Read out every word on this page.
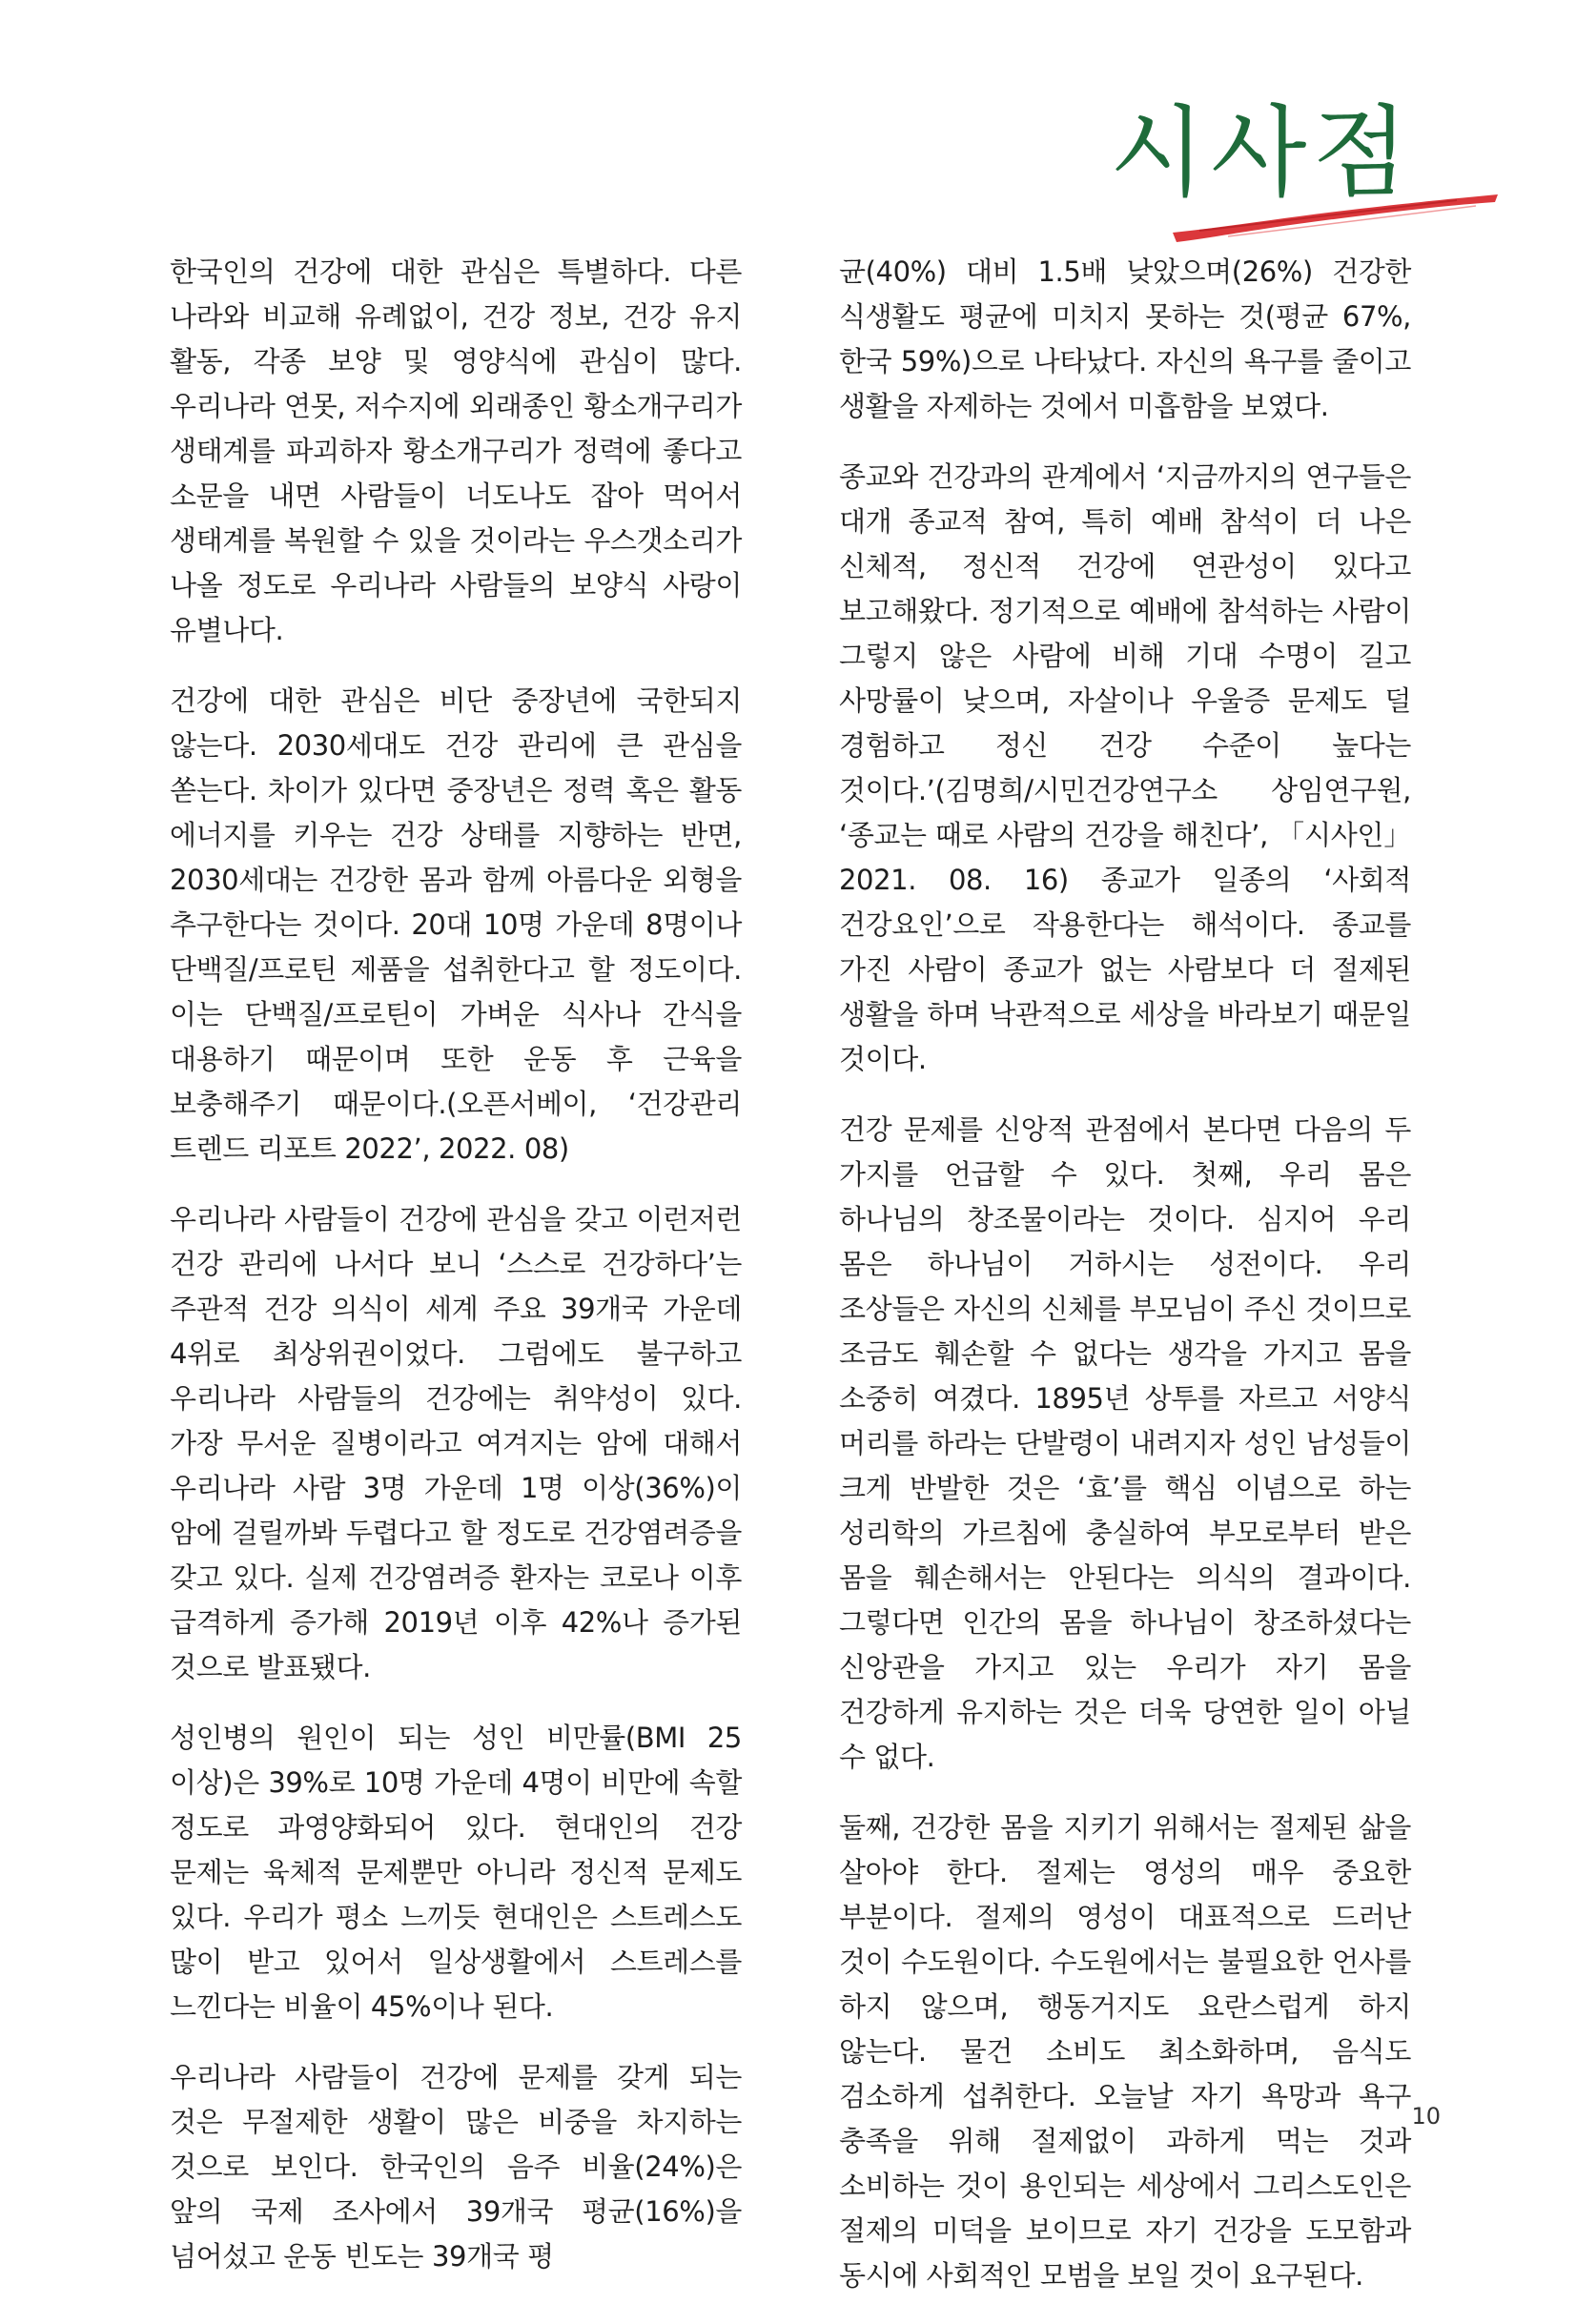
시사점

한국인의 건강에 대한 관심은 특별하다. 다른 나라와 비교해 유례없이, 건강 정보, 건강 유지 활동, 각종 보양 및 영양식에 관심이 많다. 우리나라 연못, 저수지에 외래종인 황소개구리가 생태계를 파괴하자 황소개구리가 정력에 좋다고 소문을 내면 사람들이 너도나도 잡아 먹어서 생태계를 복원할 수 있을 것이라는 우스갯소리가 나올 정도로 우리나라 사람들의 보양식 사랑이 유별나다.

건강에 대한 관심은 비단 중장년에 국한되지 않는다. 2030세대도 건강 관리에 큰 관심을 쏟는다. 차이가 있다면 중장년은 정력 혹은 활동 에너지를 키우는 건강 상태를 지향하는 반면, 2030세대는 건강한 몸과 함께 아름다운 외형을 추구한다는 것이다. 20대 10명 가운데 8명이나 단백질/프로틴 제품을 섭취한다고 할 정도이다. 이는 단백질/프로틴이 가벼운 식사나 간식을 대용하기 때문이며 또한 운동 후 근육을 보충해주기 때문이다.(오픈서베이, ‘건강관리 트렌드 리포트 2022’, 2022. 08)

우리나라 사람들이 건강에 관심을 갖고 이런저런 건강 관리에 나서다 보니 ‘스스로 건강하다’는 주관적 건강 의식이 세계 주요 39개국 가운데 4위로 최상위권이었다. 그럼에도 불구하고 우리나라 사람들의 건강에는 취약성이 있다. 가장 무서운 질병이라고 여겨지는 암에 대해서 우리나라 사람 3명 가운데 1명 이상(36%)이 암에 걸릴까봐 두렵다고 할 정도로 건강염려증을 갖고 있다. 실제 건강염려증 환자는 코로나 이후 급격하게 증가해 2019년 이후 42%나 증가된 것으로 발표됐다.

성인병의 원인이 되는 성인 비만률(BMI 25 이상)은 39%로 10명 가운데 4명이 비만에 속할 정도로 과영양화되어 있다. 현대인의 건강 문제는 육체적 문제뿐만 아니라 정신적 문제도 있다. 우리가 평소 느끼듯 현대인은 스트레스도 많이 받고 있어서 일상생활에서 스트레스를 느낀다는 비율이 45%이나 된다.

우리나라 사람들이 건강에 문제를 갖게 되는 것은 무절제한 생활이 많은 비중을 차지하는 것으로 보인다. 한국인의 음주 비율(24%)은 앞의 국제 조사에서 39개국 평균(16%)을 넘어섰고 운동 빈도는 39개국 평

균(40%) 대비 1.5배 낮았으며(26%) 건강한 식생활도 평균에 미치지 못하는 것(평균 67%, 한국 59%)으로 나타났다. 자신의 욕구를 줄이고 생활을 자제하는 것에서 미흡함을 보였다.

종교와 건강과의 관계에서 ‘지금까지의 연구들은 대개 종교적 참여, 특히 예배 참석이 더 나은 신체적, 정신적 건강에 연관성이 있다고 보고해왔다. 정기적으로 예배에 참석하는 사람이 그렇지 않은 사람에 비해 기대 수명이 길고 사망률이 낮으며, 자살이나 우울증 문제도 덜 경험하고 정신 건강 수준이 높다는 것이다.’(김명희/시민건강연구소 상임연구원, ‘종교는 때로 사람의 건강을 해친다’, 「시사인」 2021. 08. 16) 종교가 일종의 ‘사회적 건강요인’으로 작용한다는 해석이다. 종교를 가진 사람이 종교가 없는 사람보다 더 절제된 생활을 하며 낙관적으로 세상을 바라보기 때문일 것이다.

건강 문제를 신앙적 관점에서 본다면 다음의 두 가지를 언급할 수 있다. 첫째, 우리 몸은 하나님의 창조물이라는 것이다. 심지어 우리 몸은 하나님이 거하시는 성전이다. 우리 조상들은 자신의 신체를 부모님이 주신 것이므로 조금도 훼손할 수 없다는 생각을 가지고 몸을 소중히 여겼다. 1895년 상투를 자르고 서양식 머리를 하라는 단발령이 내려지자 성인 남성들이 크게 반발한 것은 ‘효’를 핵심 이념으로 하는 성리학의 가르침에 충실하여 부모로부터 받은 몸을 훼손해서는 안된다는 의식의 결과이다. 그렇다면 인간의 몸을 하나님이 창조하셨다는 신앙관을 가지고 있는 우리가 자기 몸을 건강하게 유지하는 것은 더욱 당연한 일이 아닐 수 없다.

둘째, 건강한 몸을 지키기 위해서는 절제된 삶을 살아야 한다. 절제는 영성의 매우 중요한 부분이다. 절제의 영성이 대표적으로 드러난 것이 수도원이다. 수도원에서는 불필요한 언사를 하지 않으며, 행동거지도 요란스럽게 하지 않는다. 물건 소비도 최소화하며, 음식도 검소하게 섭취한다. 오늘날 자기 욕망과 욕구 충족을 위해 절제없이 과하게 먹는 것과 소비하는 것이 용인되는 세상에서 그리스도인은 절제의 미덕을 보이므로 자기 건강을 도모함과 동시에 사회적인 모범을 보일 것이 요구된다.

10
